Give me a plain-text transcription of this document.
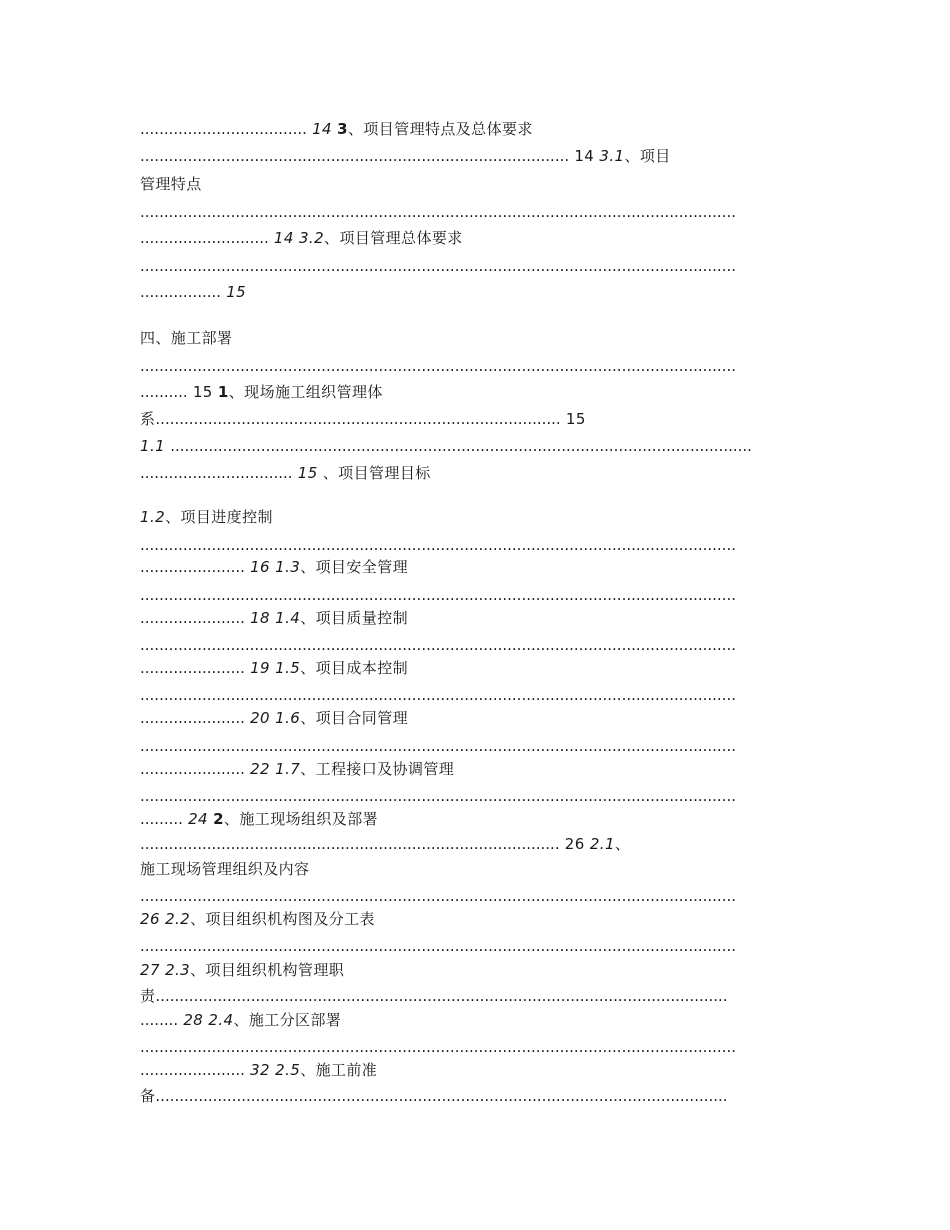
................................... 14 3、项目管理特点及总体要求
.......................................................................................... 14 3.1、项目
管理特点
.............................................................................................................................
........................... 14 3.2、项目管理总体要求
.............................................................................................................................
................. 15
四、施工部署
.............................................................................................................................
.......... 15 1、现场施工组织管理体
系..................................................................................... 15
1.1 ..........................................................................................................................
................................ 15 、项目管理目标
1.2、项目进度控制
.............................................................................................................................
...................... 16 1.3、项目安全管理
.............................................................................................................................
...................... 18 1.4、项目质量控制
.............................................................................................................................
...................... 19 1.5、项目成本控制
.............................................................................................................................
...................... 20 1.6、项目合同管理
.............................................................................................................................
...................... 22 1.7、工程接口及协调管理
.............................................................................................................................
......... 24 2、施工现场组织及部署
........................................................................................ 26 2.1、
施工现场管理组织及内容
.............................................................................................................................
26 2.2、项目组织机构图及分工表
.............................................................................................................................
27 2.3、项目组织机构管理职
责........................................................................................................................
........ 28 2.4、施工分区部署
.............................................................................................................................
...................... 32 2.5、施工前准
备........................................................................................................................
